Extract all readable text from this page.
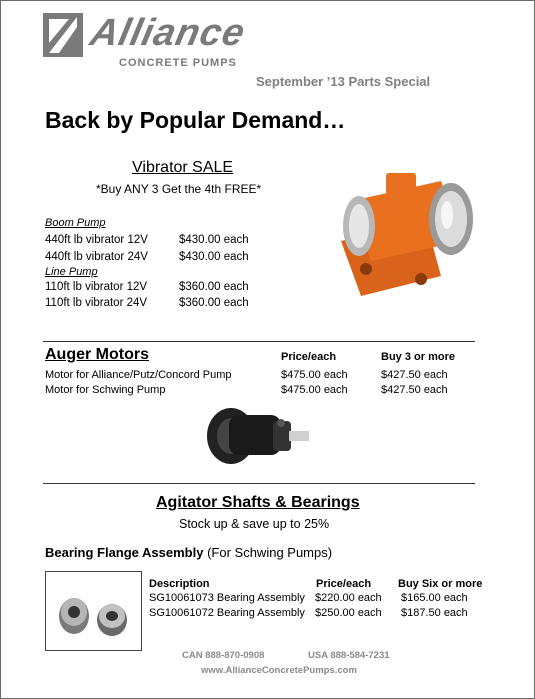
Alliance
CONCRETE PUMPS
September ’13 Parts Special
Back by Popular Demand…
Vibrator SALE
*Buy ANY 3 Get the 4th FREE*
Boom Pump
440ft lb vibrator 12V	$430.00 each
440ft lb vibrator 24V	$430.00 each
Line Pump
110ft lb vibrator 12V	$360.00 each
110ft lb vibrator 24V	$360.00 each
Auger Motors	Price/each	Buy 3 or more
Motor for Alliance/Putz/Concord Pump	$475.00 each	$427.50 each
Motor for Schwing Pump	$475.00 each	$427.50 each
Agitator Shafts & Bearings
Stock up & save up to 25%
Bearing Flange Assembly (For Schwing Pumps)
Description	Price/each Buy Six or more
SG10061073 Bearing Assembly $220.00 each $165.00 each
SG10061072 Bearing Assembly $250.00 each $187.50 each
CAN 888-870-0908	USA 888-584-7231
www.AllianceConcretePumps.com
